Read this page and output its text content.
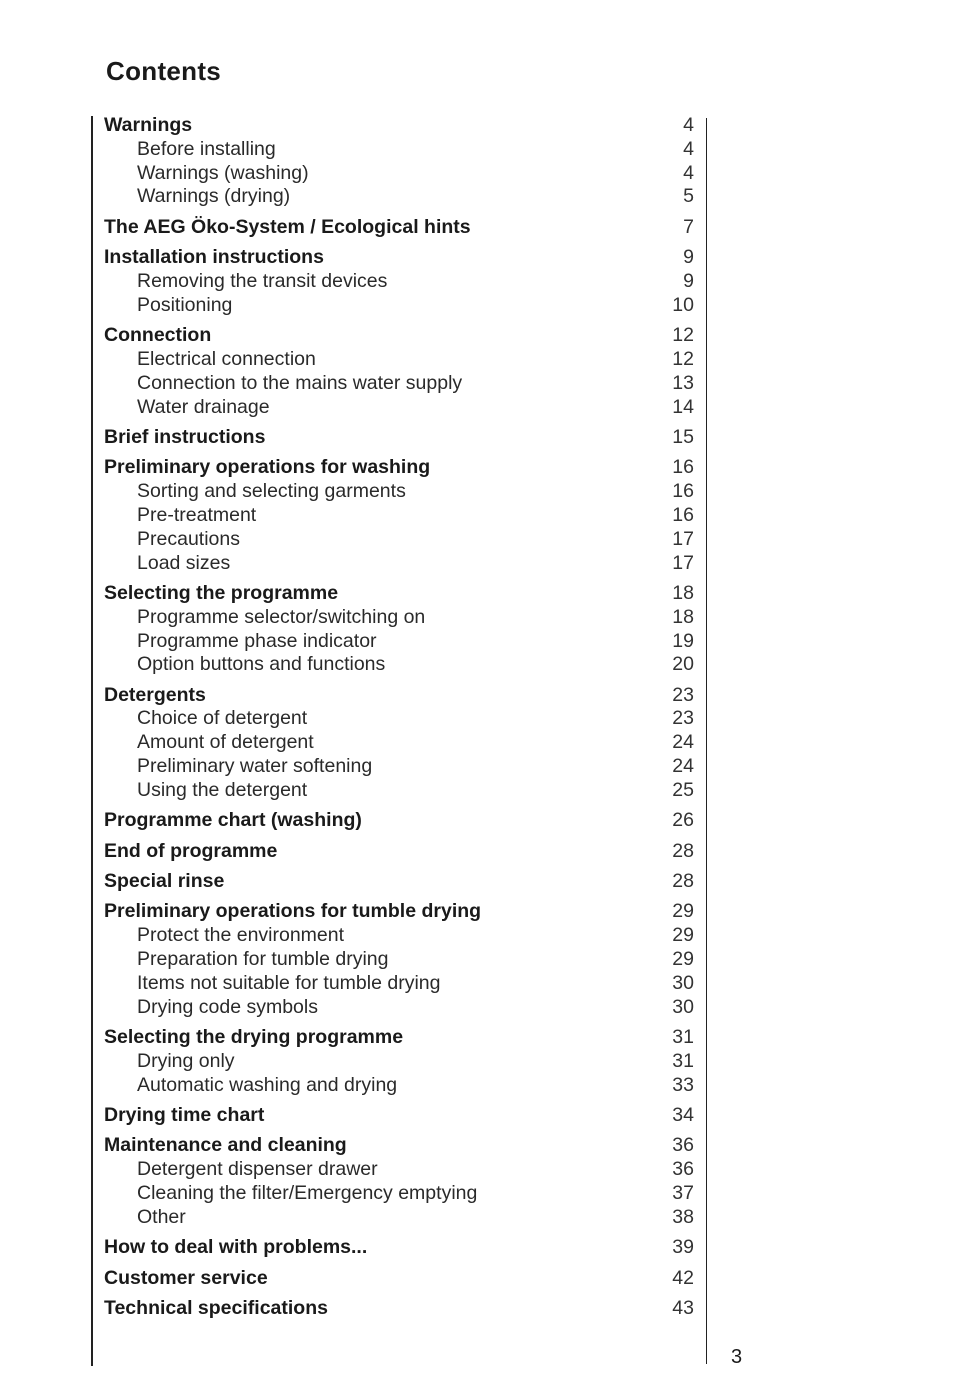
Contents
Warnings	4
Before installing	4
Warnings (washing)	4
Warnings (drying)	5
The AEG Öko-System / Ecological hints	7
Installation instructions	9
Removing the transit devices	9
Positioning	10
Connection	12
Electrical connection	12
Connection to the mains water supply	13
Water drainage	14
Brief instructions	15
Preliminary operations for washing	16
Sorting and selecting garments	16
Pre-treatment	16
Precautions	17
Load sizes	17
Selecting the programme	18
Programme selector/switching on	18
Programme phase indicator	19
Option buttons and functions	20
Detergents	23
Choice of detergent	23
Amount of detergent	24
Preliminary water softening	24
Using the detergent	25
Programme chart (washing)	26
End of programme	28
Special rinse	28
Preliminary operations for tumble drying	29
Protect the environment	29
Preparation for tumble drying	29
Items not suitable for tumble drying	30
Drying code symbols	30
Selecting the drying programme	31
Drying only	31
Automatic washing and drying	33
Drying time chart	34
Maintenance and cleaning	36
Detergent dispenser drawer	36
Cleaning the filter/Emergency emptying	37
Other	38
How to deal with problems...	39
Customer service	42
Technical specifications	43
3
